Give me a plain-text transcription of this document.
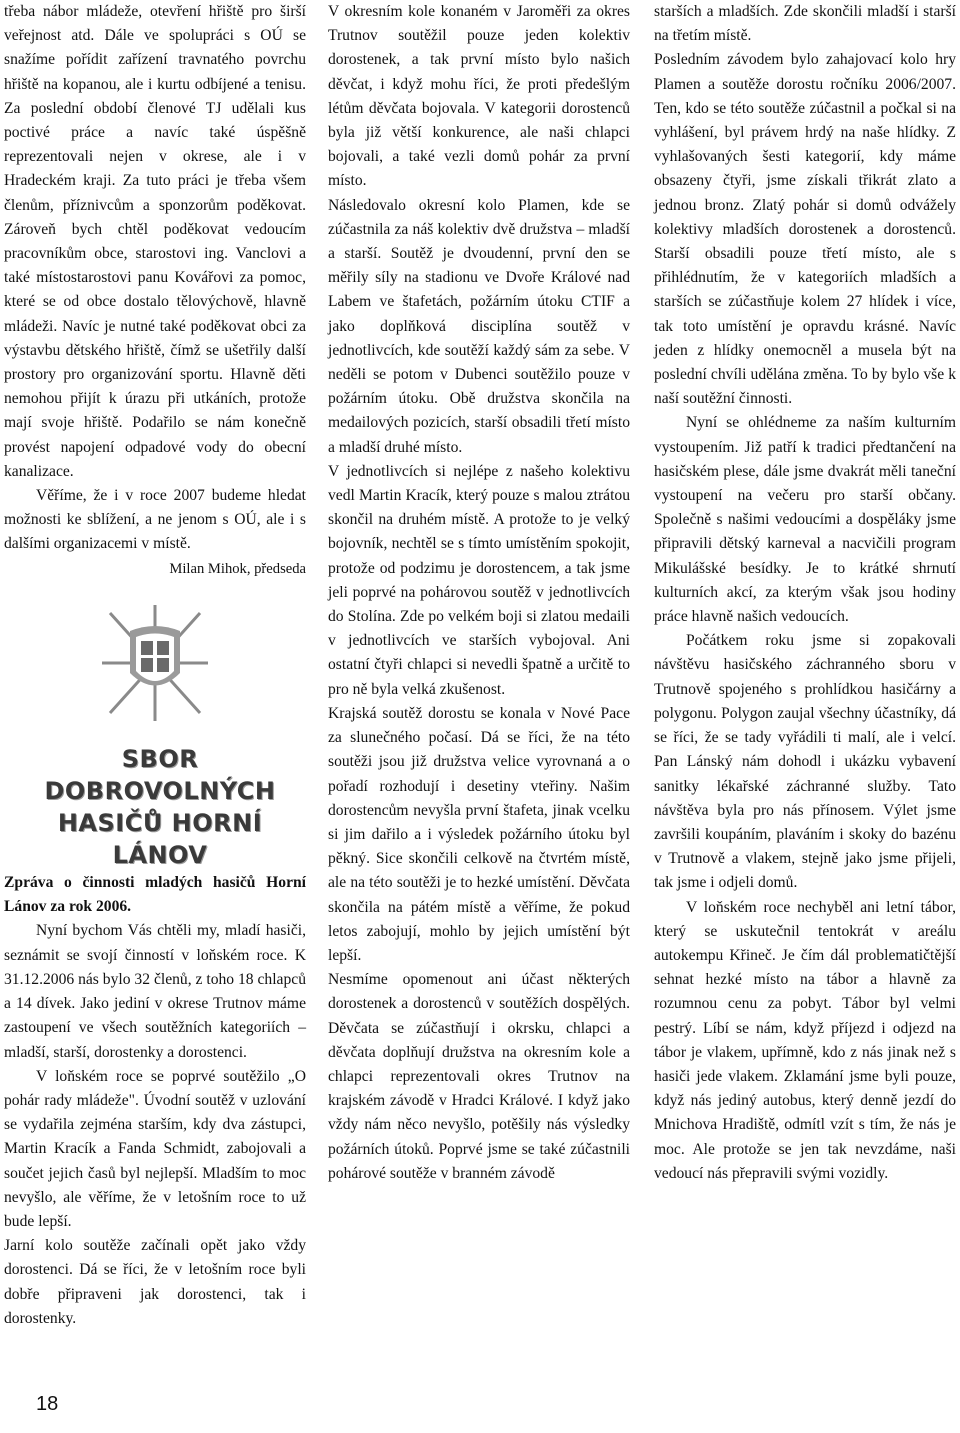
třeba nábor mládeže, otevření hřiště pro širší veřejnost atd. Dále ve spolupráci s OÚ se snažíme pořídit zařízení travnatého povrchu hřiště na kopanou, ale i kurtu odbíjené a tenisu. Za poslední období členové TJ udělali kus poctivé práce a navíc také úspěšně reprezentovali nejen v okrese, ale i v Hradeckém kraji. Za tuto práci je třeba všem členům, příznivcům a sponzorům poděkovat. Zároveň bych chtěl poděkovat vedoucím pracovníkům obce, starostovi ing. Vanclovi a také místostarostovi panu Kovářovi za pomoc, které se od obce dostalo tělovýchově, hlavně mládeži. Navíc je nutné také poděkovat obci za výstavbu dětského hřiště, čímž se ušetřily další prostory pro organizování sportu. Hlavně děti nemohou přijít k úrazu při utkáních, protože mají svoje hřiště. Podařilo se nám konečně provést napojení odpadové vody do obecní kanalizace.

Věříme, že i v roce 2007 budeme hledat možnosti ke sblížení, a ne jenom s OÚ, ale i s dalšími organizacemi v místě.

Milan Mihok, předseda

SBOR DOBROVOLNÝCH HASIČŮ HORNÍ LÁNOV

Zpráva o činnosti mladých hasičů Horní Lánov za rok 2006.

Nyní bychom Vás chtěli my, mladí hasiči, seznámit se svojí činností v loňském roce. K 31.12.2006 nás bylo 32 členů, z toho 18 chlapců a 14 dívek. Jako jediní v okrese Trutnov máme zastoupení ve všech soutěžních kategoriích – mladší, starší, dorostenky a dorostenci.

V loňském roce se poprvé soutěžilo „O pohár rady mládeže". Úvodní soutěž v uzlování se vydařila zejména starším, kdy dva zástupci, Martin Kracík a Fanda Schmidt, zabojovali a součet jejich časů byl nejlepší. Mladším to moc nevyšlo, ale věříme, že v letošním roce to už bude lepší.

Jarní kolo soutěže začínali opět jako vždy dorostenci. Dá se říci, že v letošním roce byli dobře připraveni jak dorostenci, tak i dorostenky.

V okresním kole konaném v Jaroměři za okres Trutnov soutěžil pouze jeden kolektiv dorostenek, a tak první místo bylo našich děvčat, i když mohu říci, že proti předešlým létům děvčata bojovala. V kategorii dorostenců byla již větší konkurence, ale naši chlapci bojovali, a také vezli domů pohár za první místo.

Následovalo okresní kolo Plamen, kde se zúčastnila za náš kolektiv dvě družstva – mladší a starší. Soutěž je dvoudenní, první den se měřily síly na stadionu ve Dvoře Králové nad Labem ve štafetách, požárním útoku CTIF a jako doplňková disciplína soutěž v jednotlivcích, kde soutěží každý sám za sebe. V neděli se potom v Dubenci soutěžilo pouze v požárním útoku. Obě družstva skončila na medailových pozicích, starší obsadili třetí místo a mladší druhé místo.

V jednotlivcích si nejlépe z našeho kolektivu vedl Martin Kracík, který pouze s malou ztrátou skončil na druhém místě. A protože to je velký bojovník, nechtěl se s tímto umístěním spokojit, protože od podzimu je dorostencem, a tak jsme jeli poprvé na pohárovou soutěž v jednotlivcích do Stolína. Zde po velkém boji si zlatou medaili v jednotlivcích ve starších vybojoval. Ani ostatní čtyři chlapci si nevedli špatně a určitě to pro ně byla velká zkušenost.

Krajská soutěž dorostu se konala v Nové Pace za slunečného počasí. Dá se říci, že na této soutěži jsou již družstva velice vyrovnaná a o pořadí rozhodují i desetiny vteřiny. Našim dorostencům nevyšla první štafeta, jinak vcelku si jim dařilo a i výsledek požárního útoku byl pěkný. Sice skončili celkově na čtvrtém místě, ale na této soutěži je to hezké umístění. Děvčata skončila na pátém místě a věříme, že pokud letos zabojují, mohlo by jejich umístění být lepší.

Nesmíme opomenout ani účast některých dorostenek a dorostenců v soutěžích dospělých. Děvčata se zúčastňují i okrsku, chlapci a děvčata doplňují družstva na okresním kole a chlapci reprezentovali okres Trutnov na krajském závodě v Hradci Králové. I když jako vždy nám něco nevyšlo, potěšily nás výsledky požárních útoků. Poprvé jsme se také zúčastnili pohárové soutěže v branném závodě

starších a mladších. Zde skončili mladší i starší na třetím místě.

Posledním závodem bylo zahajovací kolo hry Plamen a soutěže dorostu ročníku 2006/2007. Ten, kdo se této soutěže zúčastnil a počkal si na vyhlášení, byl právem hrdý na naše hlídky. Z vyhlašovaných šesti kategorií, kdy máme obsazeny čtyři, jsme získali třikrát zlato a jednou bronz. Zlatý pohár si domů odvážely kolektivy mladších dorostenek a dorostenců. Starší obsadili pouze třetí místo, ale s přihlédnutím, že v kategoriích mladších a starších se zúčastňuje kolem 27 hlídek i více, tak toto umístění je opravdu krásné. Navíc jeden z hlídky onemocněl a musela být na poslední chvíli udělána změna. To by bylo vše k naší soutěžní činnosti.

Nyní se ohlédneme za naším kulturním vystoupením. Již patří k tradici předtančení na hasičském plese, dále jsme dvakrát měli taneční vystoupení na večeru pro starší občany. Společně s našimi vedoucími a dospěláky jsme připravili dětský karneval a nacvičili program Mikulášské besídky. Je to krátké shrnutí kulturních akcí, za kterým však jsou hodiny práce hlavně našich vedoucích.

Počátkem roku jsme si zopakovali návštěvu hasičského záchranného sboru v Trutnově spojeného s prohlídkou hasičárny a polygonu. Polygon zaujal všechny účastníky, dá se říci, že se tady vyřádili ti malí, ale i velcí. Pan Lánský nám dohodl i ukázku vybavení sanitky lékařské záchranné služby. Tato návštěva byla pro nás přínosem. Výlet jsme završili koupáním, plaváním i skoky do bazénu v Trutnově a vlakem, stejně jako jsme přijeli, tak jsme i odjeli domů.

V loňském roce nechyběl ani letní tábor, který se uskutečnil tentokrát v areálu autokempu Křineč. Je čím dál problematičtější sehnat hezké místo na tábor a hlavně za rozumnou cenu za pobyt. Tábor byl velmi pestrý. Líbí se nám, když příjezd i odjezd na tábor je vlakem, upřímně, kdo z nás jinak než s hasiči jede vlakem. Zklamání jsme byli pouze, když nás jediný autobus, který denně jezdí do Mnichova Hradiště, odmítl vzít s tím, že nás je moc. Ale protože se jen tak nevzdáme, naši vedoucí nás přepravili svými vozidly.

18
